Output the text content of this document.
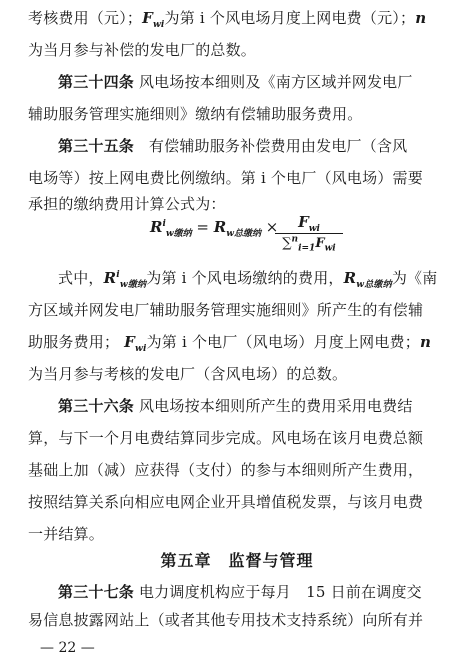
考核费用（元）；$F_{wi}$为第 i 个风电场月度上网电费（元）；n
为当月参与补偿的发电厂的总数。
第三十四条 风电场按本细则及《南方区域并网发电厂
辅助服务管理实施细则》缴纳有偿辅助服务费用。
第三十五条 有偿辅助服务补偿费用由发电厂（含风
电场等）按上网电费比例缴纳。第 i 个电厂（风电场）需要
承担的缴纳费用计算公式为：
$R^i_{w缴纳} = R_{w总缴纳}$ ×	$F_{wi}$
$\sum^n_{i=1}F_{wi}$
式中，$R^i_{w缴纳}$为第 i 个风电场缴纳的费用，$R_{w总缴纳}$为《南
方区域并网发电厂辅助服务管理实施细则》所产生的有偿辅
助服务费用； $F_{wi}$为第 i 个电厂（风电场）月度上网电费；n
为当月参与考核的发电厂（含风电场）的总数。
第三十六条 风电场按本细则所产生的费用采用电费结
算，与下一个月电费结算同步完成。风电场在该月电费总额
基础上加（减）应获得（支付）的参与本细则所产生费用，
按照结算关系向相应电网企业开具增值税发票，与该月电费
一并结算。
第五章　监督与管理
第三十七条 电力调度机构应于每月　15 日前在调度交
易信息披露网站上（或者其他专用技术支持系统）向所有并
— 22 —
